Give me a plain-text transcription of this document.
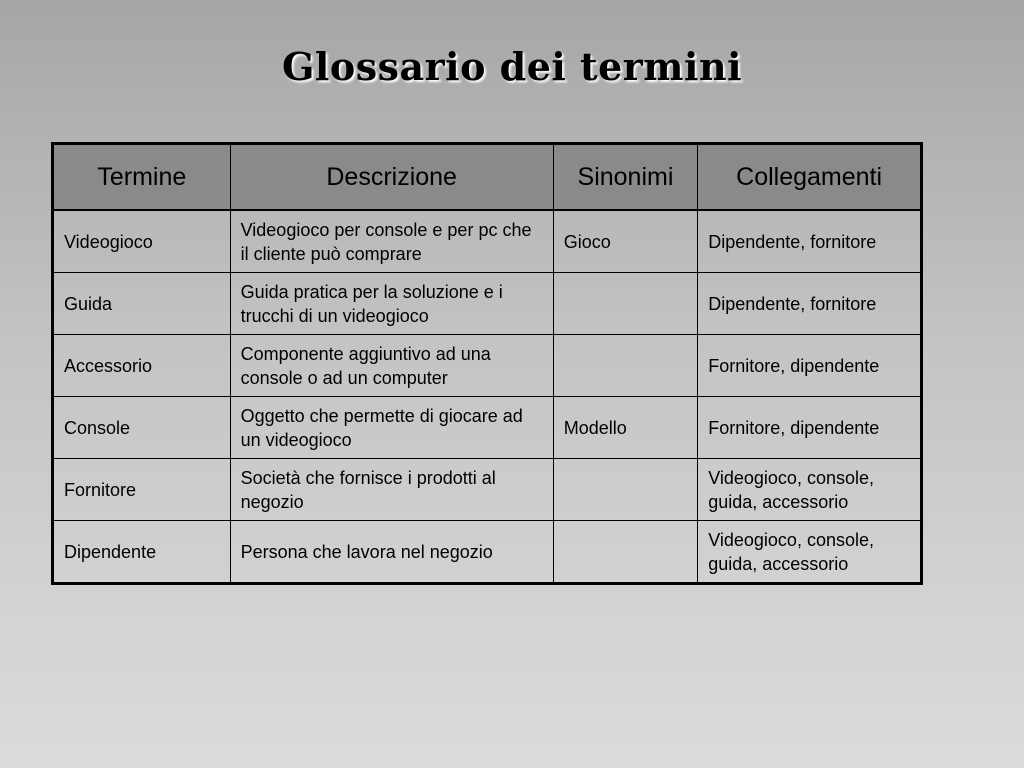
Glossario dei termini
Termine	Descrizione	Sinonimi	Collegamenti
Videogioco	Videogioco per console e per pc che il cliente può comprare	Gioco	Dipendente, fornitore
Guida	Guida pratica per la soluzione e i trucchi di un videogioco		Dipendente, fornitore
Accessorio	Componente aggiuntivo ad una console o ad un computer		Fornitore, dipendente
Console	Oggetto che permette di giocare ad un videogioco	Modello	Fornitore, dipendente
Fornitore	Società che fornisce i prodotti al negozio		Videogioco, console, guida, accessorio
Dipendente	Persona che lavora nel negozio		Videogioco, console, guida, accessorio
